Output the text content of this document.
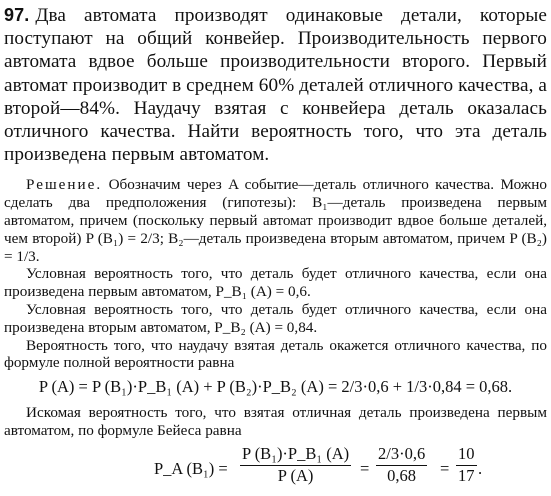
97. Два автомата производят одинаковые детали, которые поступают на общий конвейер. Производительность первого автомата вдвое больше производительности второго. Первый автомат производит в среднем 60% деталей отличного качества, а второй—84%. Наудачу взятая с конвейера деталь оказалась отличного качества. Найти вероятность того, что эта деталь произведена первым автоматом.

Решение. Обозначим через A событие—деталь отличного качества. Можно сделать два предположения (гипотезы): B₁—деталь произведена первым автоматом, причем (поскольку первый автомат производит вдвое больше деталей, чем второй) P (B₁) = 2/3; B₂—деталь произведена вторым автоматом, причем P (B₂) = 1/3.

Условная вероятность того, что деталь будет отличного качества, если она произведена первым автоматом, P_B₁ (A) = 0,6.

Условная вероятность того, что деталь будет отличного качества, если она произведена вторым автоматом, P_B₂ (A) = 0,84.

Вероятность того, что наудачу взятая деталь окажется отличного качества, по формуле полной вероятности равна

P (A) = P (B₁)·P_B₁ (A) + P (B₂)·P_B₂ (A) = 2/3·0,6 + 1/3·0,84 = 0,68.

Искомая вероятность того, что взятая отличная деталь произведена первым автоматом, по формуле Бейеса равна

P_A $(B_1) = \frac{\text{P (B₁)·P\_B₁ (A)}}{P (A)} = \frac{2/3\cdot 0,6}{0,68} = \frac{10}{17}$ .
